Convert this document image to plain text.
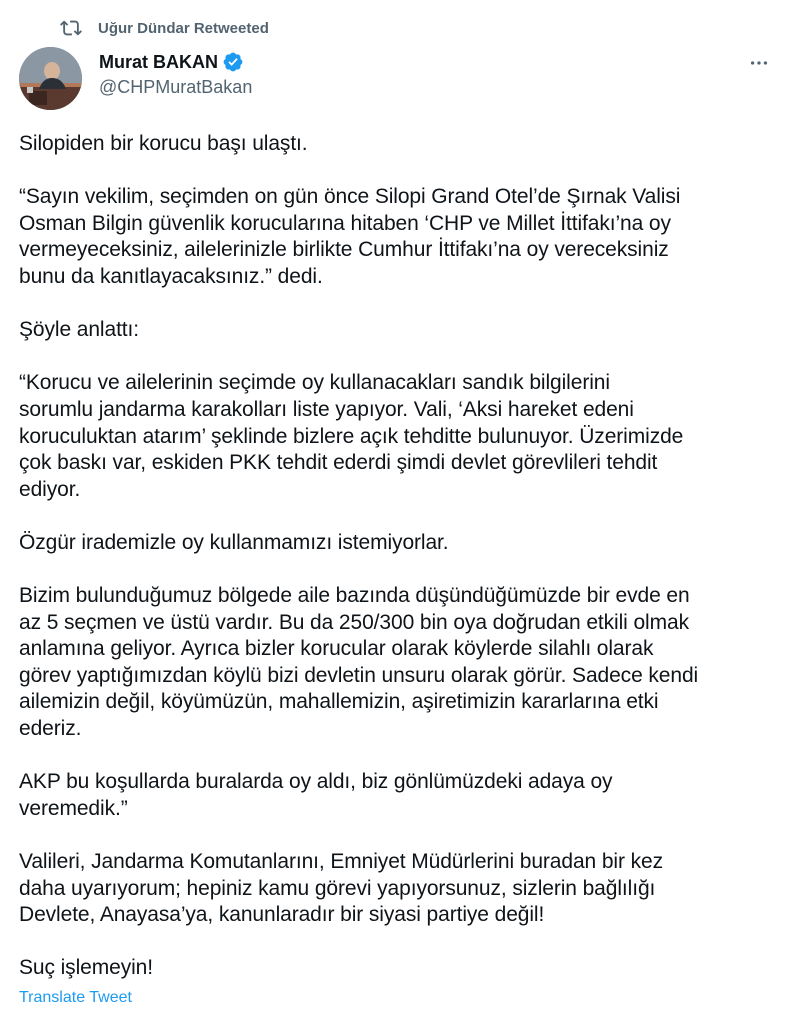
Uğur Dündar Retweeted
Murat BAKAN
@CHPMuratBakan

Silopiden bir korucu başı ulaştı.

“Sayın vekilim, seçimden on gün önce Silopi Grand Otel’de Şırnak Valisi
Osman Bilgin güvenlik korucularına hitaben ‘CHP ve Millet İttifakı’na oy
vermeyeceksiniz, ailelerinizle birlikte Cumhur İttifakı’na oy vereceksiniz
bunu da kanıtlayacaksınız.” dedi.

Şöyle anlattı:

“Korucu ve ailelerinin seçimde oy kullanacakları sandık bilgilerini
sorumlu jandarma karakolları liste yapıyor. Vali, ‘Aksi hareket edeni
koruculuktan atarım’ şeklinde bizlere açık tehditte bulunuyor. Üzerimizde
çok baskı var, eskiden PKK tehdit ederdi şimdi devlet görevlileri tehdit
ediyor.

Özgür irademizle oy kullanmamızı istemiyorlar.

Bizim bulunduğumuz bölgede aile bazında düşündüğümüzde bir evde en
az 5 seçmen ve üstü vardır. Bu da 250/300 bin oya doğrudan etkili olmak
anlamına geliyor. Ayrıca bizler korucular olarak köylerde silahlı olarak
görev yaptığımızdan köylü bizi devletin unsuru olarak görür. Sadece kendi
ailemizin değil, köyümüzün, mahallemizin, aşiretimizin kararlarına etki
ederiz.

AKP bu koşullarda buralarda oy aldı, biz gönlümüzdeki adaya oy
veremedik.”

Valileri, Jandarma Komutanlarını, Emniyet Müdürlerini buradan bir kez
daha uyarıyorum; hepiniz kamu görevi yapıyorsunuz, sizlerin bağlılığı
Devlete, Anayasa’ya, kanunlaradır bir siyasi partiye değil!

Suç işlemeyin!

Translate Tweet
